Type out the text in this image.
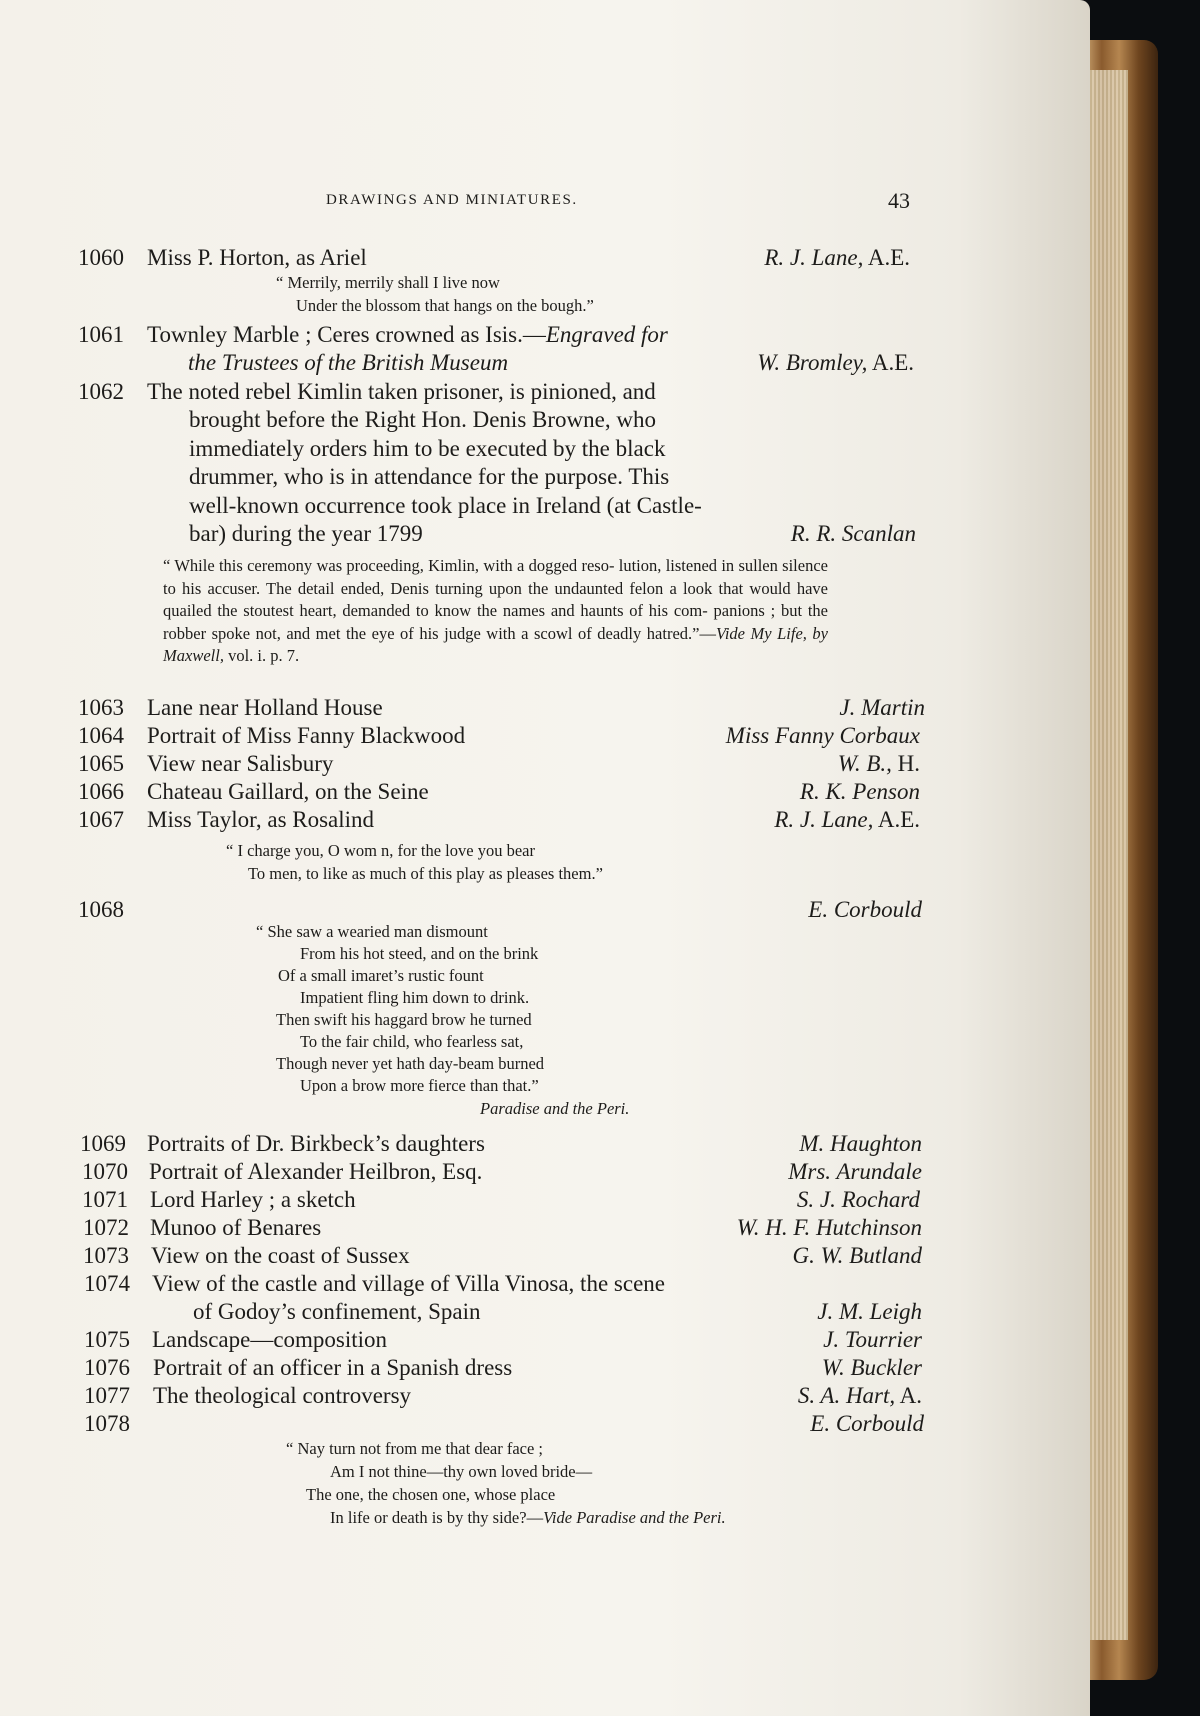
DRAWINGS AND MINIATURES.	43
1060 Miss P. Horton, as Ariel	R. J. Lane, A.E.
“ Merrily, merrily shall I live now
Under the blossom that hangs on the bough.”
1061 Townley Marble ; Ceres crowned as Isis.—Engraved for
the Trustees of the British Museum	W. Bromley, A.E.
1062 The noted rebel Kimlin taken prisoner, is pinioned, and
brought before the Right Hon. Denis Browne, who
immediately orders him to be executed by the black
drummer, who is in attendance for the purpose. This
well-known occurrence took place in Ireland (at Castle-
bar) during the year 1799	R. R. Scanlan

“ While this ceremony was proceeding, Kimlin, with a dogged reso- lution, listened in sullen silence to his accuser. The detail ended, Denis turning upon the undaunted felon a look that would have quailed the stoutest heart, demanded to know the names and haunts of his com- panions ; but the robber spoke not, and met the eye of his judge with a scowl of deadly hatred.”—Vide My Life, by Maxwell, vol. i. p. 7.

1063 Lane near Holland House	J. Martin
1064 Portrait of Miss Fanny Blackwood	Miss Fanny Corbaux
1065 View near Salisbury	W. B., H.
1066 Chateau Gaillard, on the Seine	R. K. Penson
1067 Miss Taylor, as Rosalind	R. J. Lane, A.E.
“ I charge you, O wom n, for the love you bear
To men, to like as much of this play as pleases them.”
1068	E. Corbould
“ She saw a wearied man dismount
From his hot steed, and on the brink
Of a small imaret’s rustic fount
Impatient fling him down to drink.
Then swift his haggard brow he turned
To the fair child, who fearless sat,
Though never yet hath day-beam burned
Upon a brow more fierce than that.”
Paradise and the Peri.
1069 Portraits of Dr. Birkbeck’s daughters	M. Haughton
1070 Portrait of Alexander Heilbron, Esq.	Mrs. Arundale
1071 Lord Harley ; a sketch	S. J. Rochard
1072 Munoo of Benares	W. H. F. Hutchinson
1073 View on the coast of Sussex	G. W. Butland
1074 View of the castle and village of Villa Vinosa, the scene
of Godoy’s confinement, Spain	J. M. Leigh
1075 Landscape—composition	J. Tourrier
1076 Portrait of an officer in a Spanish dress	W. Buckler
1077 The theological controversy	S. A. Hart, A.
1078	E. Corbould
“ Nay turn not from me that dear face ;
Am I not thine—thy own loved bride—
The one, the chosen one, whose place
In life or death is by thy side?—Vide Paradise and the Peri.
